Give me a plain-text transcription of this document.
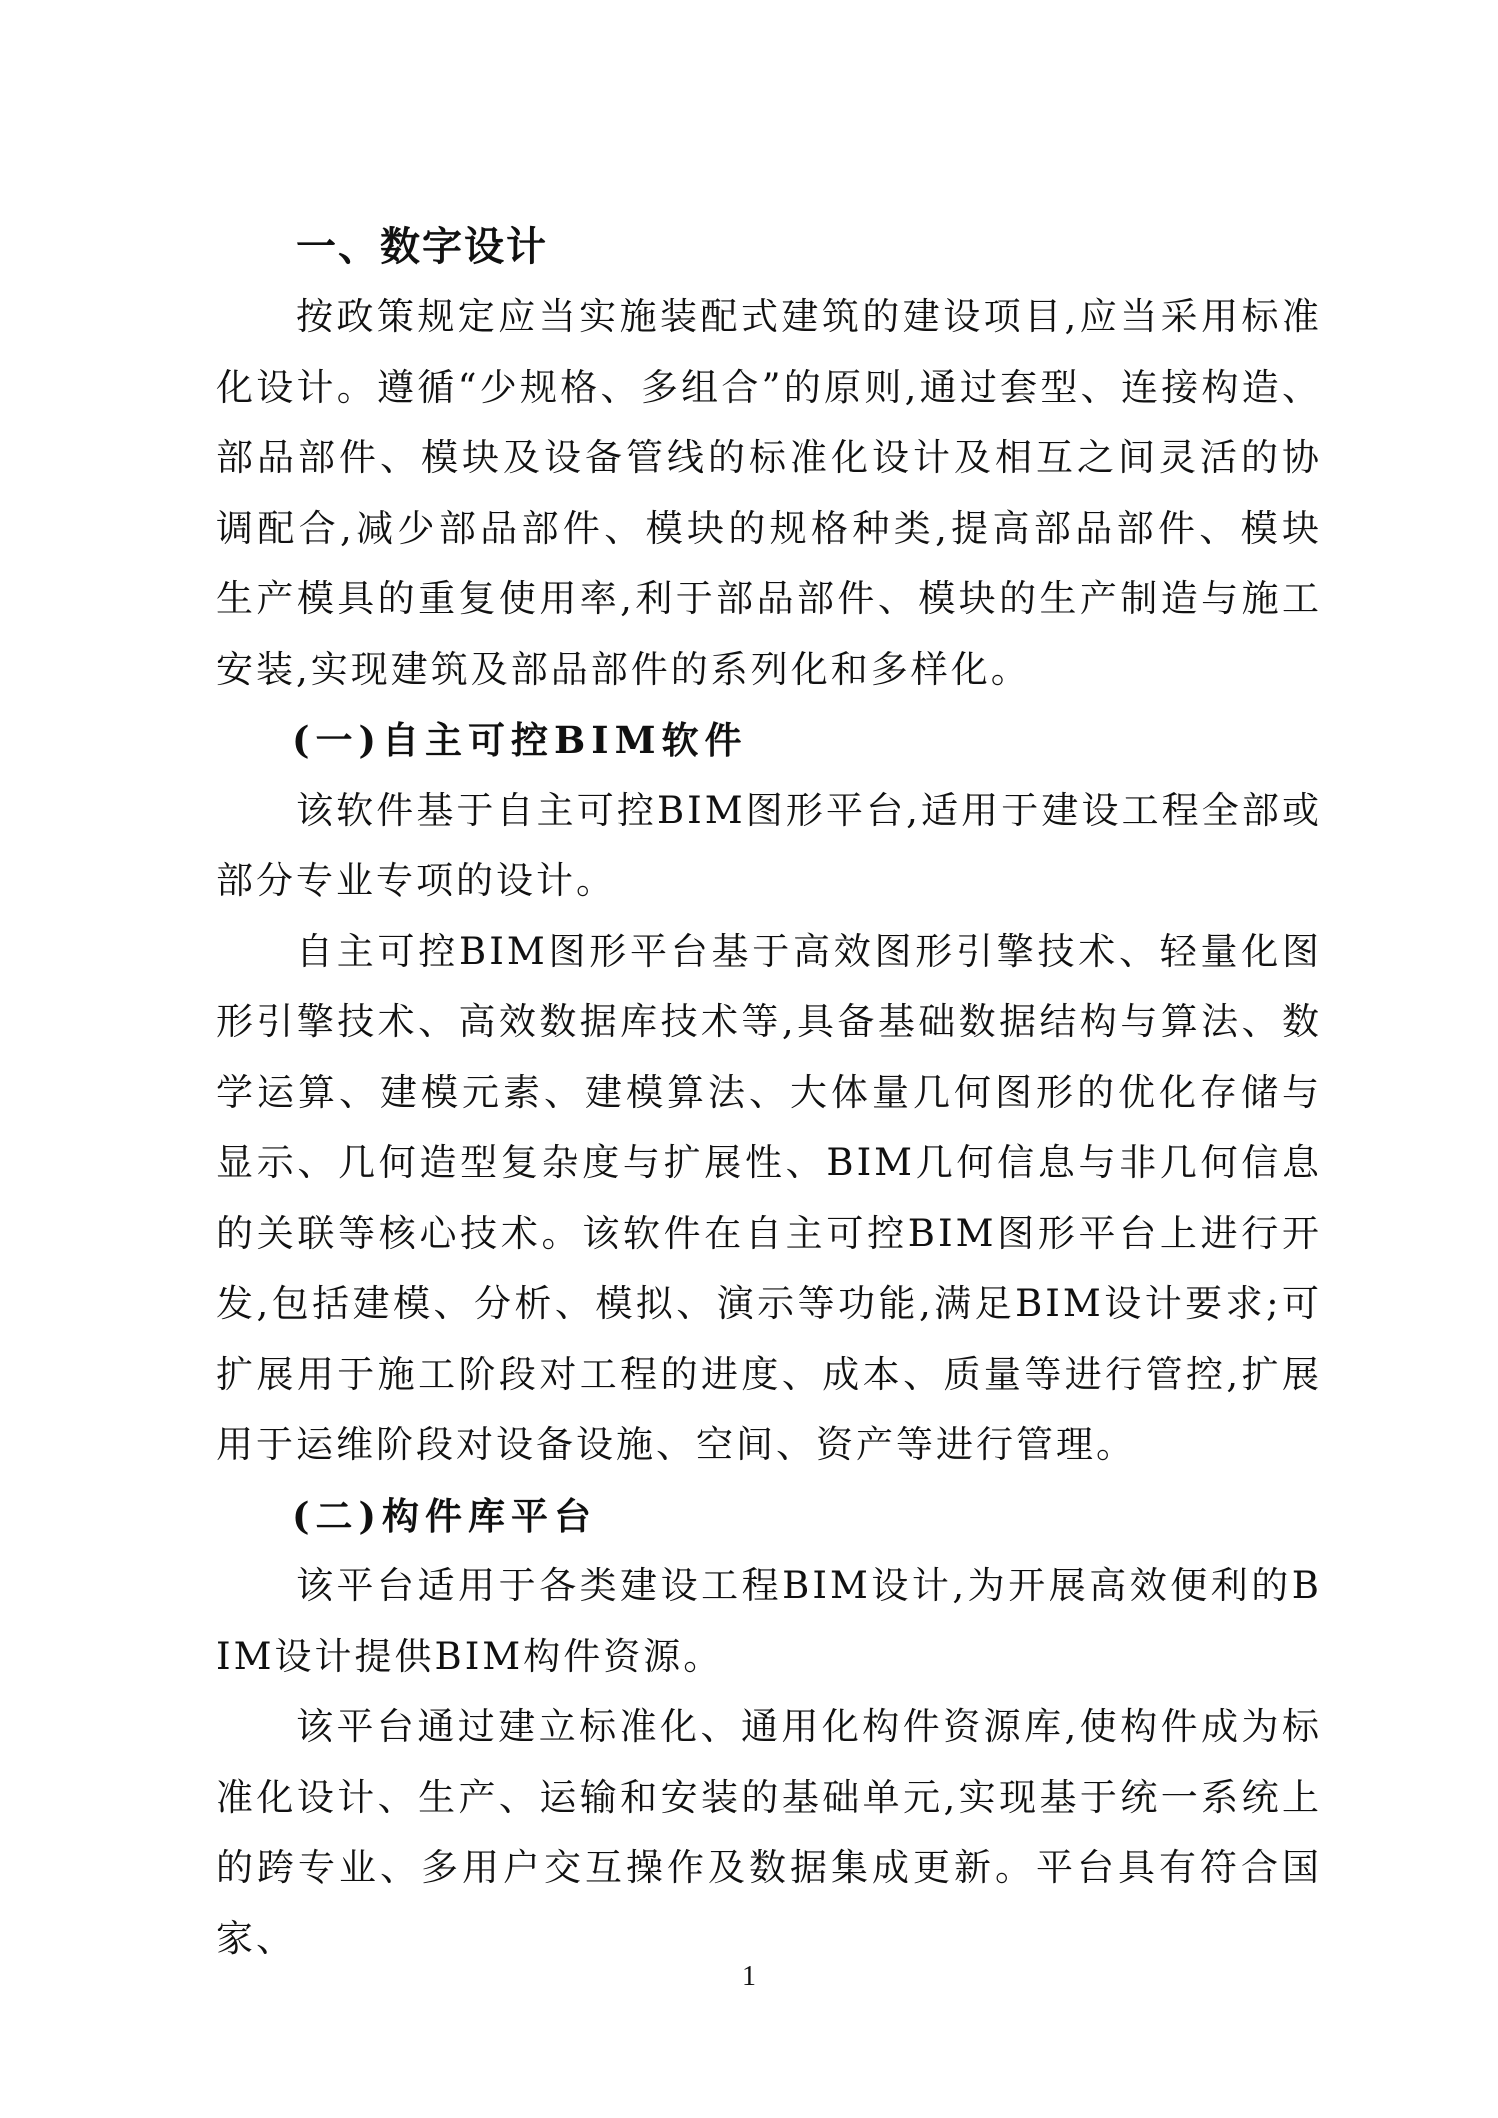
一、数字设计

按政策规定应当实施装配式建筑的建设项目,应当采用标准化设计。遵循“少规格、多组合”的原则,通过套型、连接构造、部品部件、模块及设备管线的标准化设计及相互之间灵活的协调配合,减少部品部件、模块的规格种类,提高部品部件、模块生产模具的重复使用率,利于部品部件、模块的生产制造与施工安装,实现建筑及部品部件的系列化和多样化。

(一)自主可控BIM软件

该软件基于自主可控BIM图形平台,适用于建设工程全部或部分专业专项的设计。

自主可控BIM图形平台基于高效图形引擎技术、轻量化图形引擎技术、高效数据库技术等,具备基础数据结构与算法、数学运算、建模元素、建模算法、大体量几何图形的优化存储与显示、几何造型复杂度与扩展性、BIM几何信息与非几何信息的关联等核心技术。该软件在自主可控BIM图形平台上进行开发,包括建模、分析、模拟、演示等功能,满足BIM设计要求;可扩展用于施工阶段对工程的进度、成本、质量等进行管控,扩展用于运维阶段对设备设施、空间、资产等进行管理。

(二)构件库平台

该平台适用于各类建设工程BIM设计,为开展高效便利的BIM设计提供BIM构件资源。

该平台通过建立标准化、通用化构件资源库,使构件成为标准化设计、生产、运输和安装的基础单元,实现基于统一系统上的跨专业、多用户交互操作及数据集成更新。平台具有符合国家、

1
